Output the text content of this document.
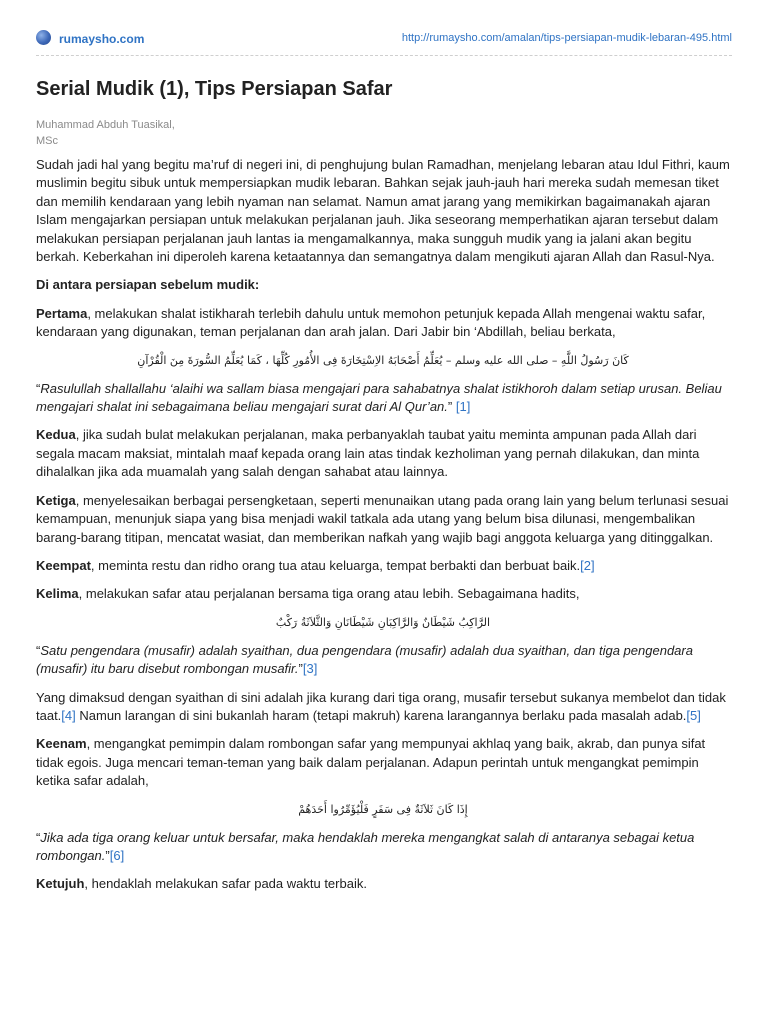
rumaysho.com	http://rumaysho.com/amalan/tips-persiapan-mudik-lebaran-495.html
Serial Mudik (1), Tips Persiapan Safar
Muhammad Abduh Tuasikal,
MSc

Sudah jadi hal yang begitu ma’ruf di negeri ini, di penghujung bulan Ramadhan, menjelang lebaran atau Idul Fithri, kaum muslimin begitu sibuk untuk mempersiapkan mudik lebaran. Bahkan sejak jauh-jauh hari mereka sudah memesan tiket dan memilih kendaraan yang lebih nyaman nan selamat. Namun amat jarang yang memikirkan bagaimanakah ajaran Islam mengajarkan persiapan untuk melakukan perjalanan jauh. Jika seseorang memperhatikan ajaran tersebut dalam melakukan persiapan perjalanan jauh lantas ia mengamalkannya, maka sungguh mudik yang ia jalani akan begitu berkah. Keberkahan ini diperoleh karena ketaatannya dan semangatnya dalam mengikuti ajaran Allah dan Rasul-Nya.

Di antara persiapan sebelum mudik:

Pertama, melakukan shalat istikharah terlebih dahulu untuk memohon petunjuk kepada Allah mengenai waktu safar, kendaraan yang digunakan, teman perjalanan dan arah jalan. Dari Jabir bin ‘Abdillah, beliau berkata,

كَانَ رَسُولُ اللَّهِ – صلى الله عليه وسلم – يُعَلِّمُ أَصْحَابَهُ الاِسْتِخَارَةَ فِى الأُمُورِ كُلِّهَا ، كَمَا يُعَلِّمُ السُّورَةَ مِنَ الْقُرْآنِ

“Rasulullah shallallahu ‘alaihi wa sallam biasa mengajari para sahabatnya shalat istikhoroh dalam setiap urusan. Beliau mengajari shalat ini sebagaimana beliau mengajari surat dari Al Qur’an.” [1]

Kedua, jika sudah bulat melakukan perjalanan, maka perbanyaklah taubat yaitu meminta ampunan pada Allah dari segala macam maksiat, mintalah maaf kepada orang lain atas tindak kezholiman yang pernah dilakukan, dan minta dihalalkan jika ada muamalah yang salah dengan sahabat atau lainnya.

Ketiga, menyelesaikan berbagai persengketaan, seperti menunaikan utang pada orang lain yang belum terlunasi sesuai kemampuan, menunjuk siapa yang bisa menjadi wakil tatkala ada utang yang belum bisa dilunasi, mengembalikan barang-barang titipan, mencatat wasiat, dan memberikan nafkah yang wajib bagi anggota keluarga yang ditinggalkan.

Keempat, meminta restu dan ridho orang tua atau keluarga, tempat berbakti dan berbuat baik.[2]

Kelima, melakukan safar atau perjalanan bersama tiga orang atau lebih. Sebagaimana hadits,

الرَّاكِبُ شَيْطَانٌ وَالرَّاكِبَانِ شَيْطَانَانِ وَالثَّلاَثَةُ رَكْبٌ

“Satu pengendara (musafir) adalah syaithan, dua pengendara (musafir) adalah dua syaithan, dan tiga pengendara (musafir) itu baru disebut rombongan musafir.”[3]

Yang dimaksud dengan syaithan di sini adalah jika kurang dari tiga orang, musafir tersebut sukanya membelot dan tidak taat.[4] Namun larangan di sini bukanlah haram (tetapi makruh) karena larangannya berlaku pada masalah adab.[5]

Keenam, mengangkat pemimpin dalam rombongan safar yang mempunyai akhlaq yang baik, akrab, dan punya sifat tidak egois. Juga mencari teman-teman yang baik dalam perjalanan. Adapun perintah untuk mengangkat pemimpin ketika safar adalah,

إِذَا كَانَ ثَلاَثَةٌ فِى سَفَرٍ فَلْيُؤَمِّرُوا أَحَدَهُمْ

“Jika ada tiga orang keluar untuk bersafar, maka hendaklah mereka mengangkat salah di antaranya sebagai ketua rombongan.”[6]

Ketujuh, hendaklah melakukan safar pada waktu terbaik.
